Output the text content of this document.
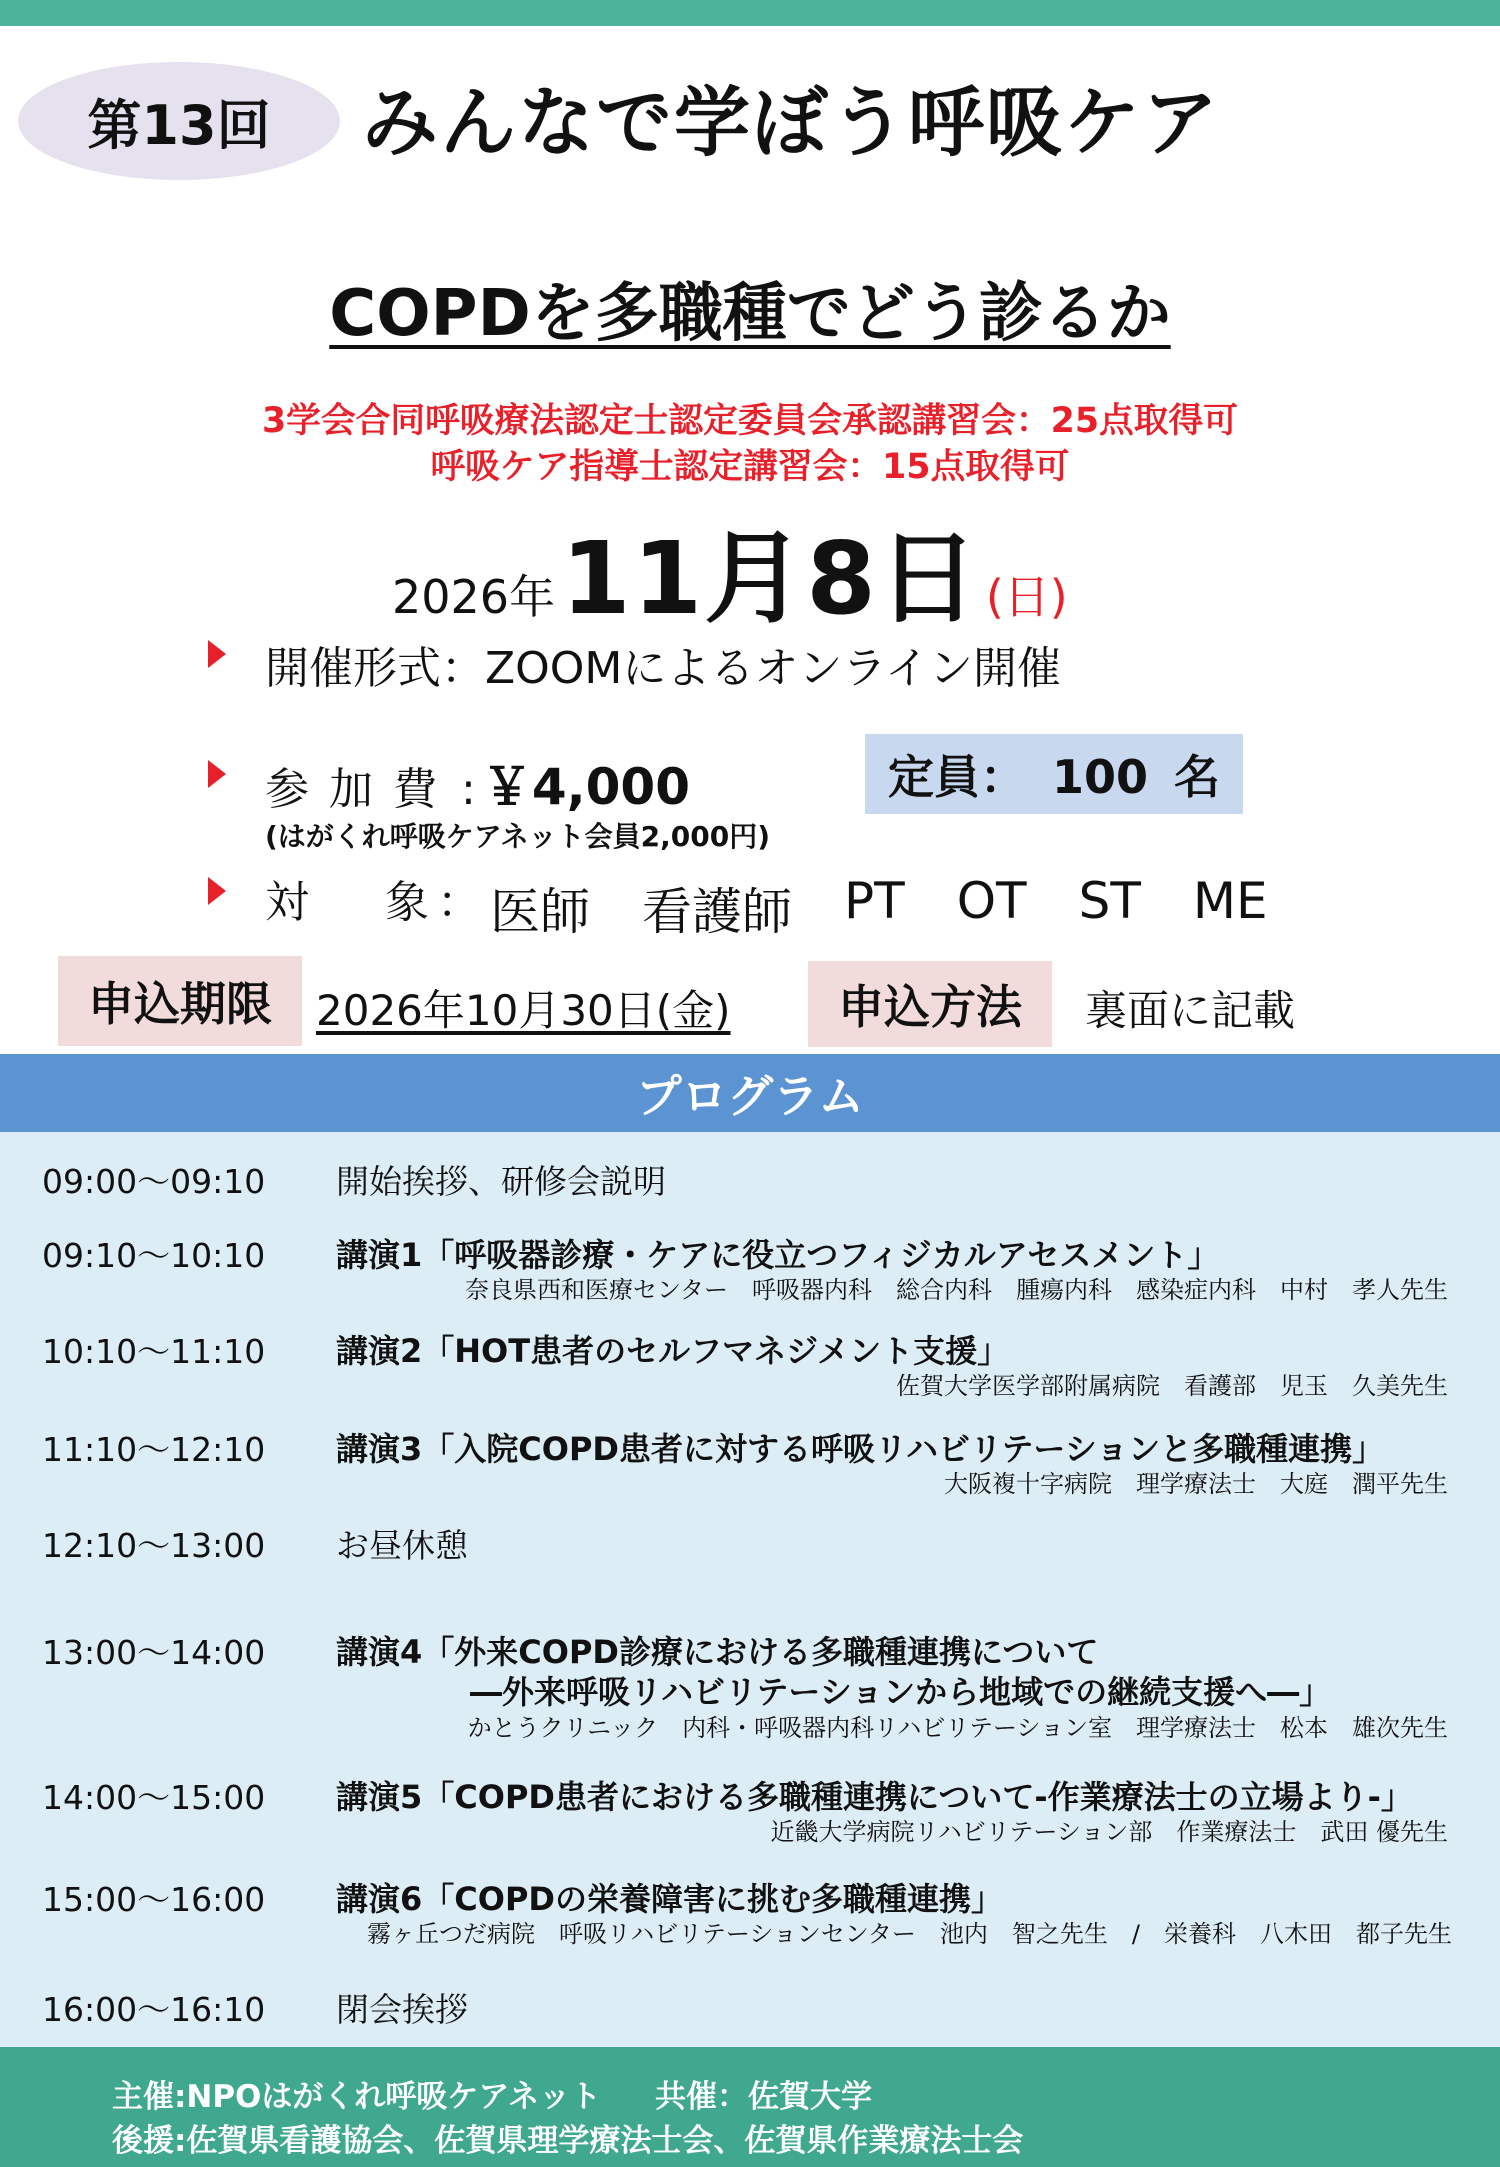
第13回	みんなで学ぼう呼吸ケア
COPDを多職種でどう診るか
3学会合同呼吸療法認定士認定委員会承認講習会：25点取得可
呼吸ケア指導士認定講習会：15点取得可
2026年 11月8日 (日)
開催形式：ZOOMによるオンライン開催
参加費: ￥4,000
(はがくれ呼吸ケアネット会員2,000円)
定員： 100 名
対 象 ： 医師 看護師 PT OT ST ME
申込期限	2026年10月30日(金)	申込方法	裏面に記載
プログラム
09:00〜09:10 開始挨拶、研修会説明
09:10〜10:10 講演1「呼吸器診療・ケアに役立つフィジカルアセスメント」
奈良県西和医療センター　呼吸器内科　総合内科　腫瘍内科　感染症内科　中村　孝人先生
10:10〜11:10 講演2「HOT患者のセルフマネジメント支援」
佐賀大学医学部附属病院　看護部　児玉　久美先生
11:10〜12:10 講演3「入院COPD患者に対する呼吸リハビリテーションと多職種連携」
大阪複十字病院　理学療法士　大庭　潤平先生
12:10〜13:00 お昼休憩
13:00〜14:00 講演4「外来COPD診療における多職種連携について
―外来呼吸リハビリテーションから地域での継続支援へ―」
かとうクリニック　内科・呼吸器内科リハビリテーション室　理学療法士　松本　雄次先生
14:00〜15:00 講演5「COPD患者における多職種連携について-作業療法士の立場より-」
近畿大学病院リハビリテーション部　作業療法士　武田 優先生
15:00〜16:00 講演6「COPDの栄養障害に挑む多職種連携」
霧ヶ丘つだ病院　呼吸リハビリテーションセンター　池内　智之先生　/　栄養科　八木田　都子先生
16:00〜16:10 閉会挨拶
主催:NPOはがくれ呼吸ケアネット 共催：佐賀大学
後援:佐賀県看護協会、佐賀県理学療法士会、佐賀県作業療法士会
